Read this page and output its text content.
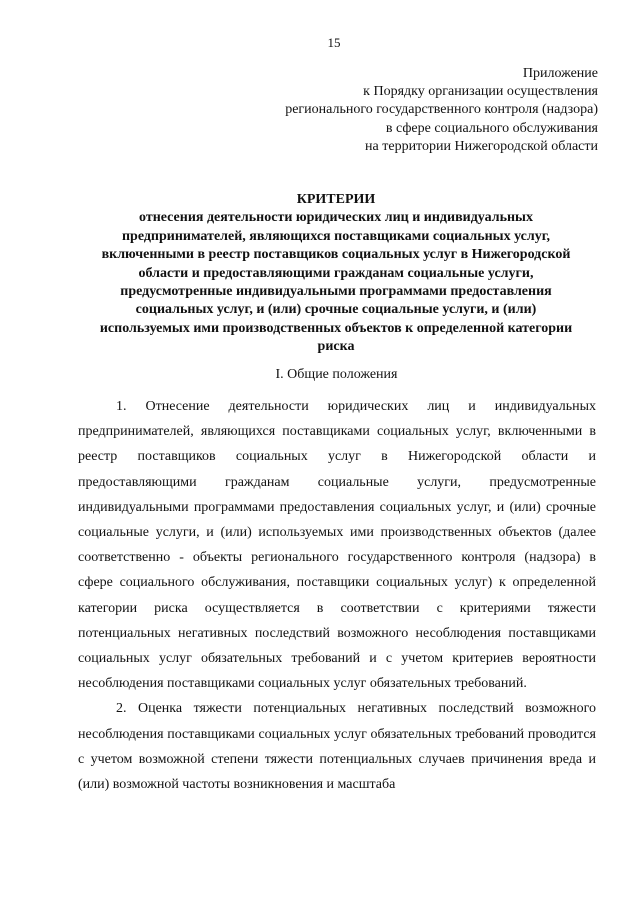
15
Приложение
к Порядку организации осуществления
регионального государственного контроля (надзора)
в сфере социального обслуживания
на территории Нижегородской области
КРИТЕРИИ
отнесения деятельности юридических лиц и индивидуальных
предпринимателей, являющихся поставщиками социальных услуг,
включенными в реестр поставщиков социальных услуг в Нижегородской
области и предоставляющими гражданам социальные услуги,
предусмотренные индивидуальными программами предоставления
социальных услуг, и (или) срочные социальные услуги, и (или)
используемых ими производственных объектов к определенной категории
риска
I. Общие положения

1. Отнесение деятельности юридических лиц и индивидуальных предпринимателей, являющихся поставщиками социальных услуг, включенными в реестр поставщиков социальных услуг в Нижегородской области и предоставляющими гражданам социальные услуги, предусмотренные индивидуальными программами предоставления социальных услуг, и (или) срочные социальные услуги, и (или) используемых ими производственных объектов (далее соответственно - объекты регионального государственного контроля (надзора) в сфере социального обслуживания, поставщики социальных услуг) к определенной категории риска осуществляется в соответствии с критериями тяжести потенциальных негативных последствий возможного несоблюдения поставщиками социальных услуг обязательных требований и с учетом критериев вероятности несоблюдения поставщиками социальных услуг обязательных требований.

2. Оценка тяжести потенциальных негативных последствий возможного несоблюдения поставщиками социальных услуг обязательных требований проводится с учетом возможной степени тяжести потенциальных случаев причинения вреда и (или) возможной частоты возникновения и масштаба
